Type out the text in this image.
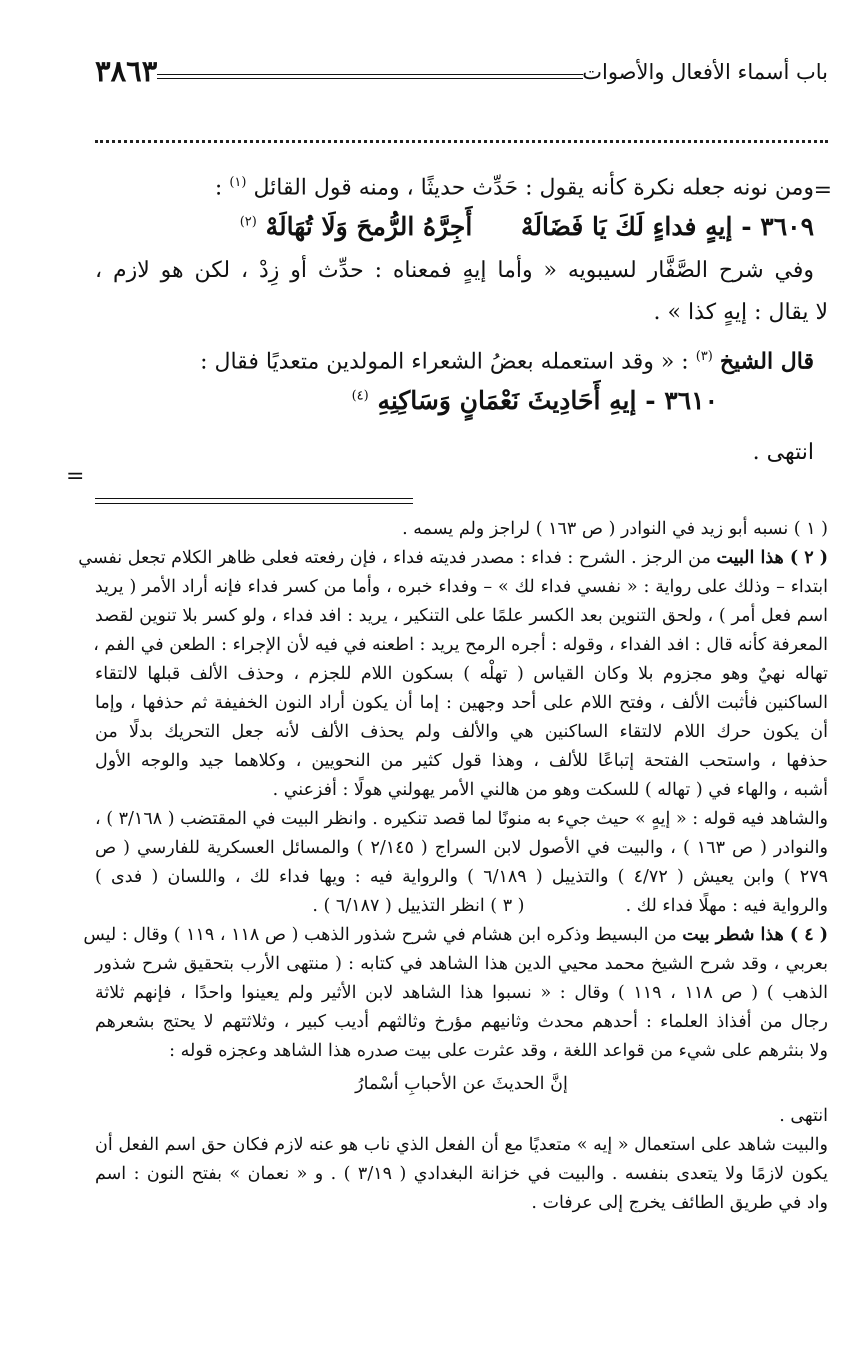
باب أسماء الأفعال والأصوات
٣٨٦٣
=
=
ومن نونه جعله نكرة كأنه يقول : حَدِّث حديثًا ، ومنه قول القائل $^{(١)}$ :
٣٦٠٩ - إيهٍ فداءٍ لَكَ يَا فَضَالَهْ أَجِرَّهُ الرُّمحَ وَلَا تُهَالَهْ $^{(٢)}$
وفي شرح الصَّفَّار لسيبويه « وأما إيهٍ فمعناه : حدِّث أو زِدْ ، لكن هو لازم ،
لا يقال : إيهٍ كذا » .
قال الشيخ $^{(٣)}$ : « وقد استعمله بعضُ الشعراء المولدين متعديًا فقال :
٣٦١٠ - إيهِ أَحَادِيثَ نَعْمَانٍ وَسَاكِنِهِ $^{(٤)}$
انتهى .
( ١ ) نسبه أبو زيد في النوادر ( ص ١٦٣ ) لراجز ولم يسمه .
( ٢ ) هذا البيت من الرجز . الشرح : فداء : مصدر فديته فداء ، فإن رفعته فعلى ظاهر الكلام تجعل نفسي
ابتداء – وذلك على رواية : « نفسي فداء لك » – وفداء خبره ، وأما من كسر فداء فإنه أراد الأمر ( يريد
اسم فعل أمر ) ، ولحق التنوين بعد الكسر علمًا على التنكير ، يريد : افد فداء ، ولو كسر بلا تنوين لقصد
المعرفة كأنه قال : افد الفداء ، وقوله : أجره الرمح يريد : اطعنه في فيه لأن الإجراء : الطعن في الفم ،
تهاله نهيٌ وهو مجزوم بلا وكان القياس ( تهلْه ) بسكون اللام للجزم ، وحذف الألف قبلها لالتقاء
الساكنين فأثبت الألف ، وفتح اللام على أحد وجهين : إما أن يكون أراد النون الخفيفة ثم حذفها ، وإما
أن يكون حرك اللام لالتقاء الساكنين هي والألف ولم يحذف الألف لأنه جعل التحريك بدلًا من
حذفها ، واستحب الفتحة إتباعًا للألف ، وهذا قول كثير من النحويين ، وكلاهما جيد والوجه الأول
أشبه ، والهاء في ( تهاله ) للسكت وهو من هالني الأمر يهولني هولًا : أفزعني .
والشاهد فيه قوله : « إيهٍ » حيث جيء به منونًا لما قصد تنكيره . وانظر البيت في المقتضب ( ٣/١٦٨ ) ،
والنوادر ( ص ١٦٣ ) ، والبيت في الأصول لابن السراج ( ٢/١٤٥ ) والمسائل العسكرية للفارسي ( ص
٢٧٩ ) وابن يعيش ( ٤/٧٢ ) والتذييل ( ٦/١٨٩ ) والرواية فيه : ويها فداء لك ، واللسان ( فدى )
والرواية فيه : مهلًا فداء لك .  ( ٣ ) انظر التذييل ( ٦/١٨٧ ) .
( ٤ ) هذا شطر بيت من البسيط وذكره ابن هشام في شرح شذور الذهب ( ص ١١٨ ، ١١٩ ) وقال : ليس
بعربي ، وقد شرح الشيخ محمد محيي الدين هذا الشاهد في كتابه : ( منتهى الأرب بتحقيق شرح شذور
الذهب ) ( ص ١١٨ ، ١١٩ ) وقال : « نسبوا هذا الشاهد لابن الأثير ولم يعينوا واحدًا ، فإنهم ثلاثة
رجال من أفذاذ العلماء : أحدهم محدث وثانيهم مؤرخ وثالثهم أديب كبير ، وثلاثتهم لا يحتج بشعرهم
ولا بنثرهم على شيء من قواعد اللغة ، وقد عثرت على بيت صدره هذا الشاهد وعجزه قوله :
إنَّ الحديثَ عن الأحبابِ أسْمارُ
انتهى .
والبيت شاهد على استعمال « إيه » متعديًا مع أن الفعل الذي ناب هو عنه لازم فكان حق اسم الفعل أن
يكون لازمًا ولا يتعدى بنفسه . والبيت في خزانة البغدادي ( ٣/١٩ ) . و « نعمان » بفتح النون : اسم
واد في طريق الطائف يخرج إلى عرفات .
